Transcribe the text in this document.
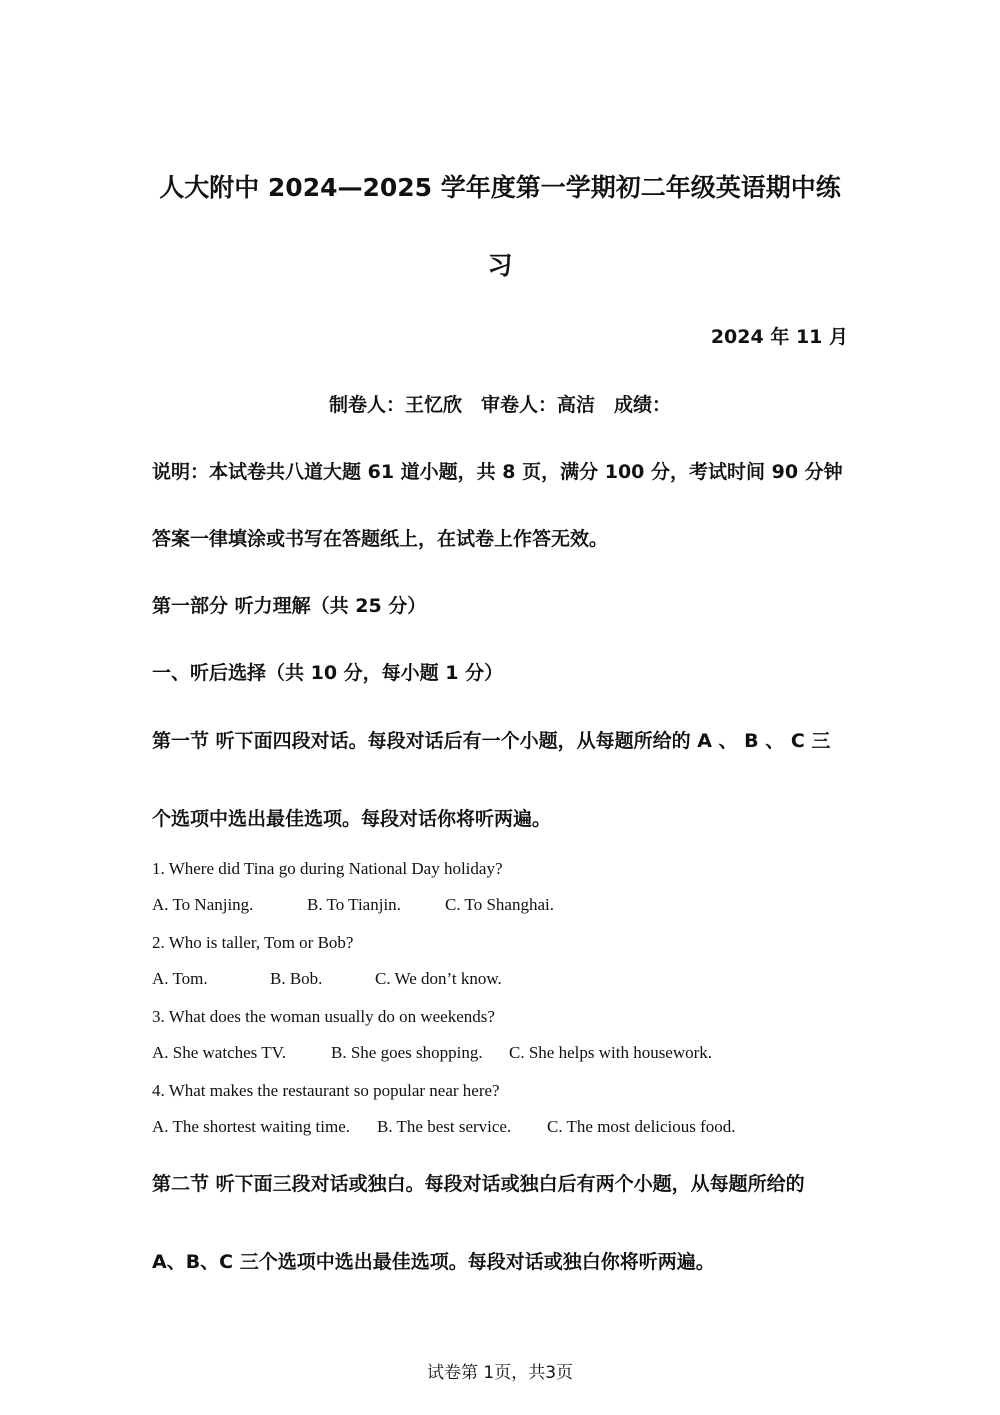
人大附中 2024—2025 学年度第一学期初二年级英语期中练
习
2024 年 11 月
制卷人：王忆欣　审卷人：高洁　成绩：
说明：本试卷共八道大题 61 道小题，共 8 页，满分 100 分，考试时间 90 分钟
答案一律填涂或书写在答题纸上，在试卷上作答无效。
第一部分 听力理解（共 25 分）
一、听后选择（共 10 分，每小题 1 分）
第一节 听下面四段对话。每段对话后有一个小题，从每题所给的 A 、 B 、 C 三
个选项中选出最佳选项。每段对话你将听两遍。
1. Where did Tina go during National Day holiday?
A. To Nanjing.	B. To Tianjin.	C. To Shanghai.
2. Who is taller, Tom or Bob?
A. Tom.	B. Bob.	C. We don’t know.
3. What does the woman usually do on weekends?
A. She watches TV.	B. She goes shopping. C. She helps with housework.
4. What makes the restaurant so popular near here?
A. The shortest waiting time. B. The best service. C. The most delicious food.
第二节 听下面三段对话或独白。每段对话或独白后有两个小题，从每题所给的
A、B、C 三个选项中选出最佳选项。每段对话或独白你将听两遍。
试卷第 1页，共3页
